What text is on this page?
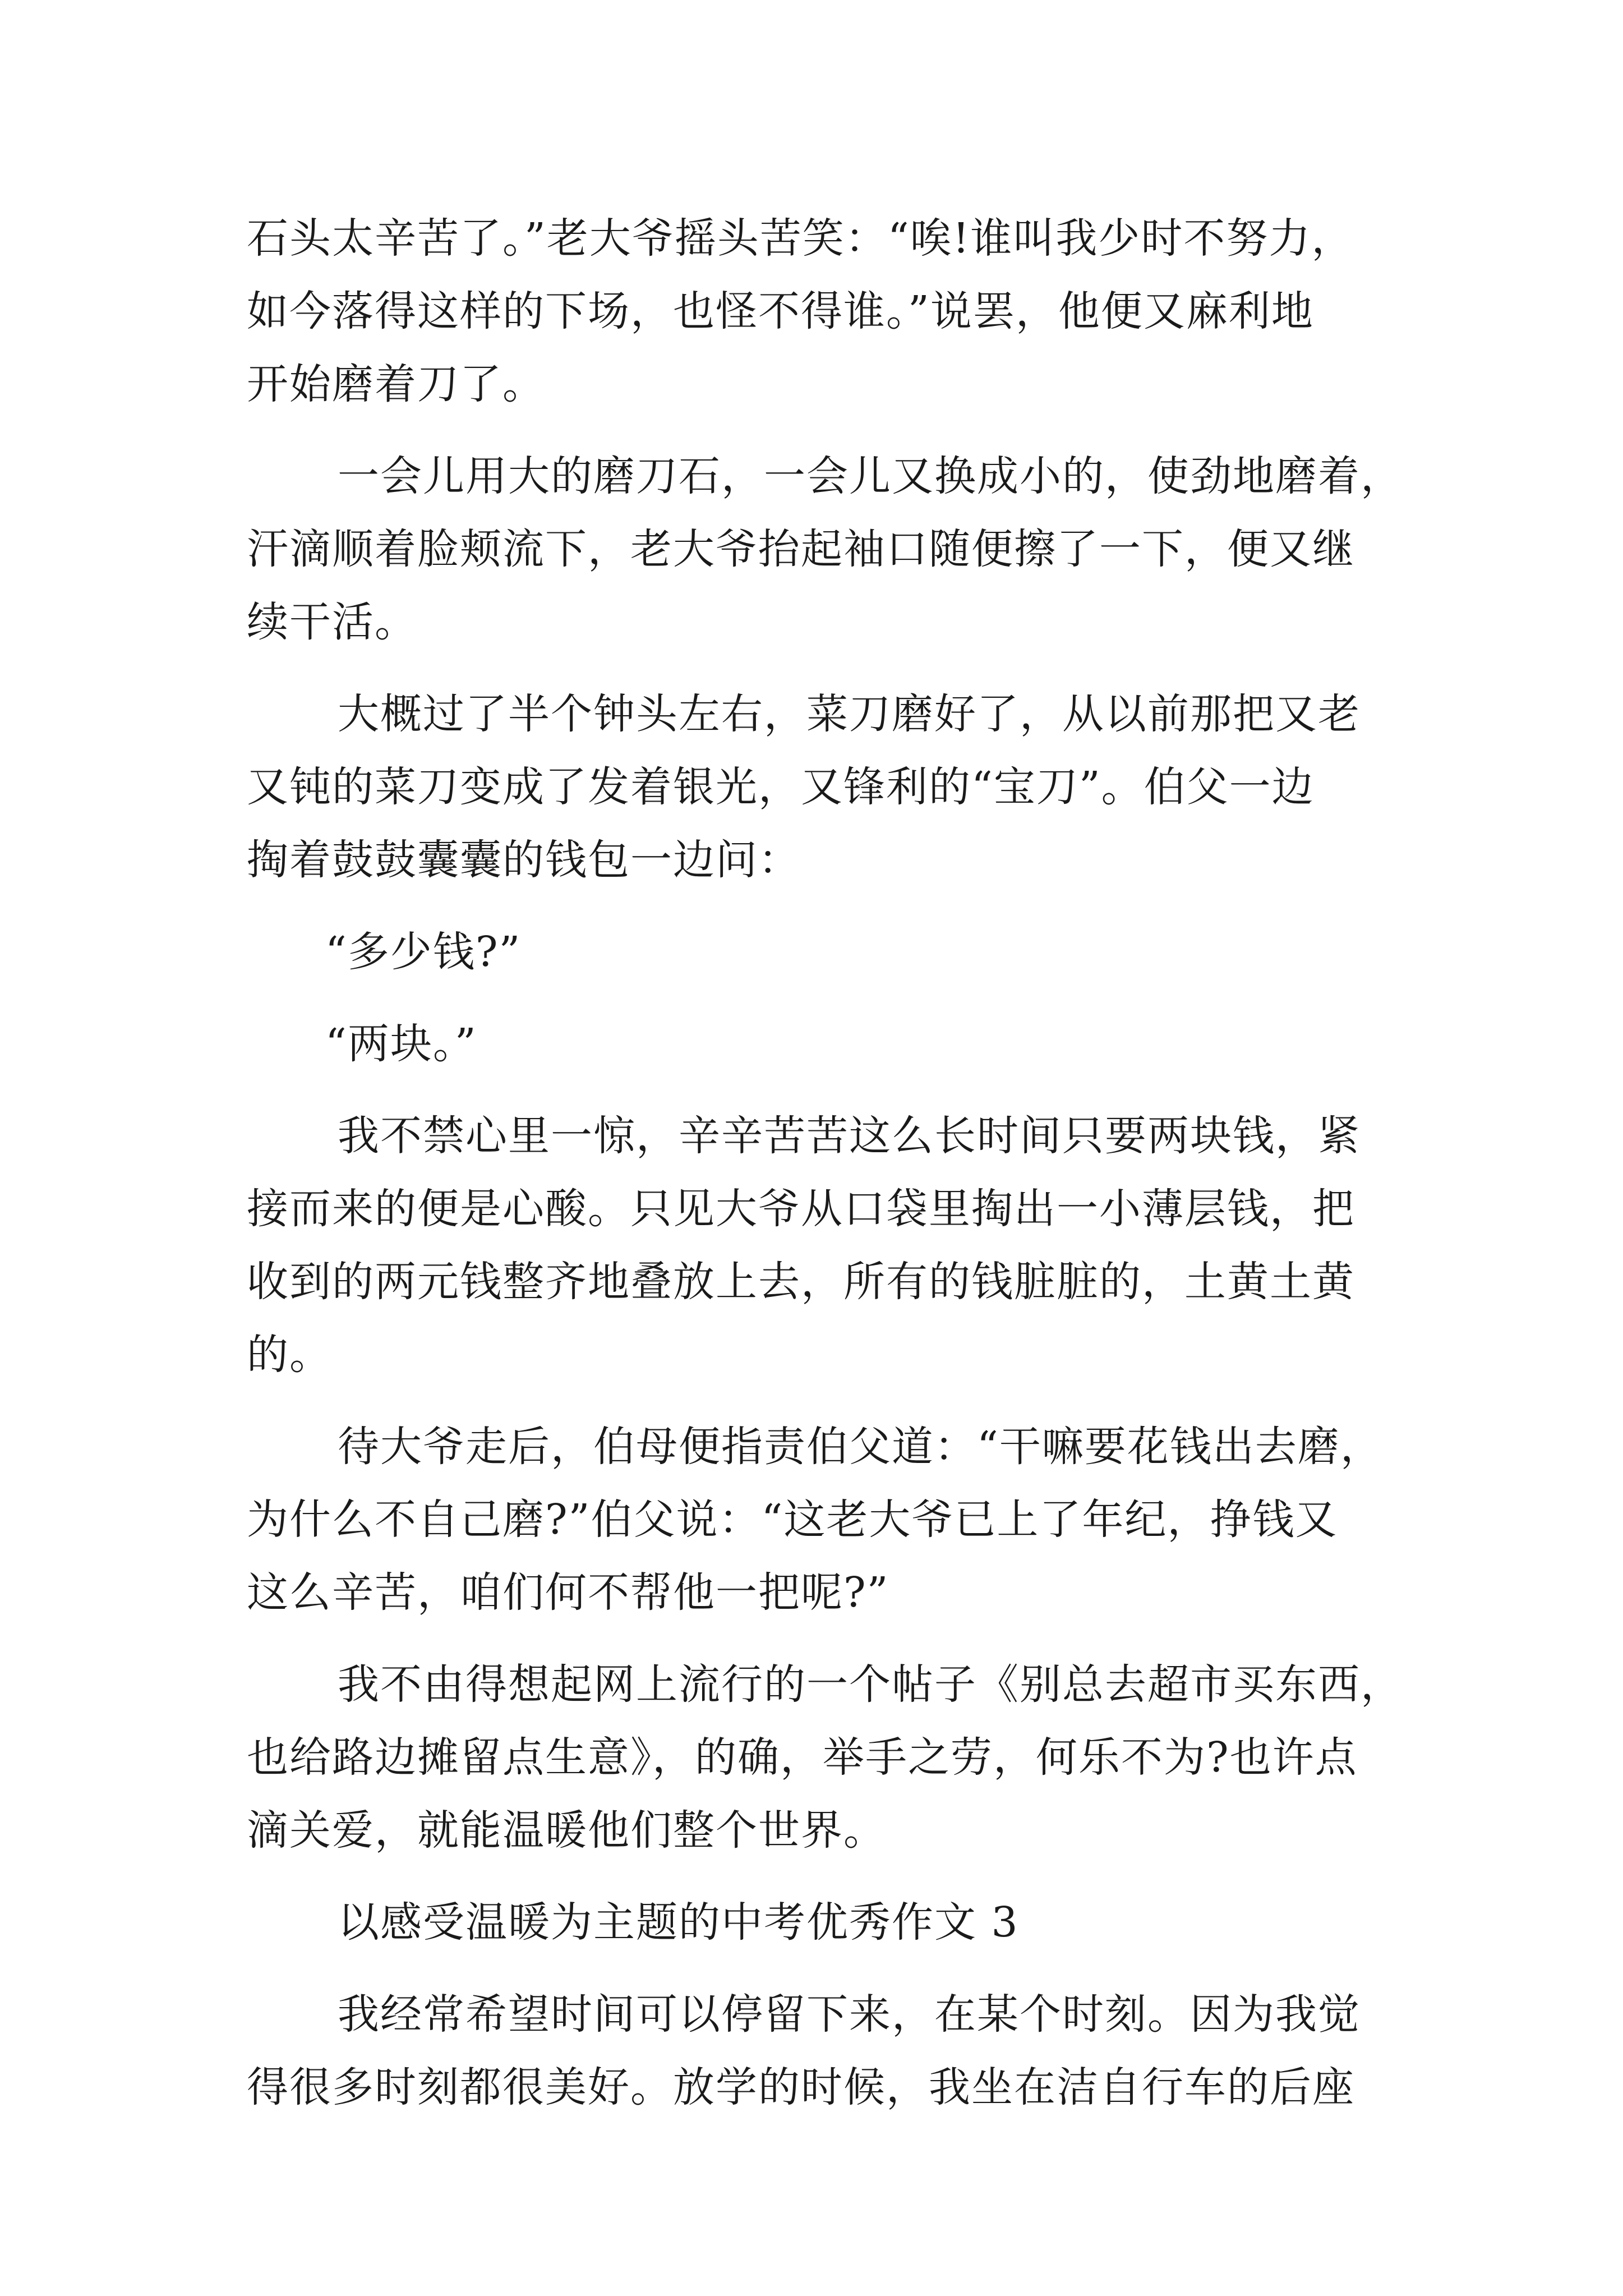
石头太辛苦了。”老大爷摇头苦笑：“唉!谁叫我少时不努力，
如今落得这样的下场，也怪不得谁。”说罢，他便又麻利地
开始磨着刀了。
一会儿用大的磨刀石，一会儿又换成小的，使劲地磨着，
汗滴顺着脸颊流下，老大爷抬起袖口随便擦了一下，便又继
续干活。
大概过了半个钟头左右，菜刀磨好了，从以前那把又老
又钝的菜刀变成了发着银光，又锋利的“宝刀”。伯父一边
掏着鼓鼓囊囊的钱包一边问：
“多少钱?”
“两块。”
我不禁心里一惊，辛辛苦苦这么长时间只要两块钱，紧
接而来的便是心酸。只见大爷从口袋里掏出一小薄层钱，把
收到的两元钱整齐地叠放上去，所有的钱脏脏的，土黄土黄
的。
待大爷走后，伯母便指责伯父道：“干嘛要花钱出去磨，
为什么不自己磨?”伯父说：“这老大爷已上了年纪，挣钱又
这么辛苦，咱们何不帮他一把呢?”
我不由得想起网上流行的一个帖子《别总去超市买东西，
也给路边摊留点生意》，的确，举手之劳，何乐不为?也许点
滴关爱，就能温暖他们整个世界。
以感受温暖为主题的中考优秀作文 3
我经常希望时间可以停留下来，在某个时刻。因为我觉
得很多时刻都很美好。放学的时候，我坐在洁自行车的后座
